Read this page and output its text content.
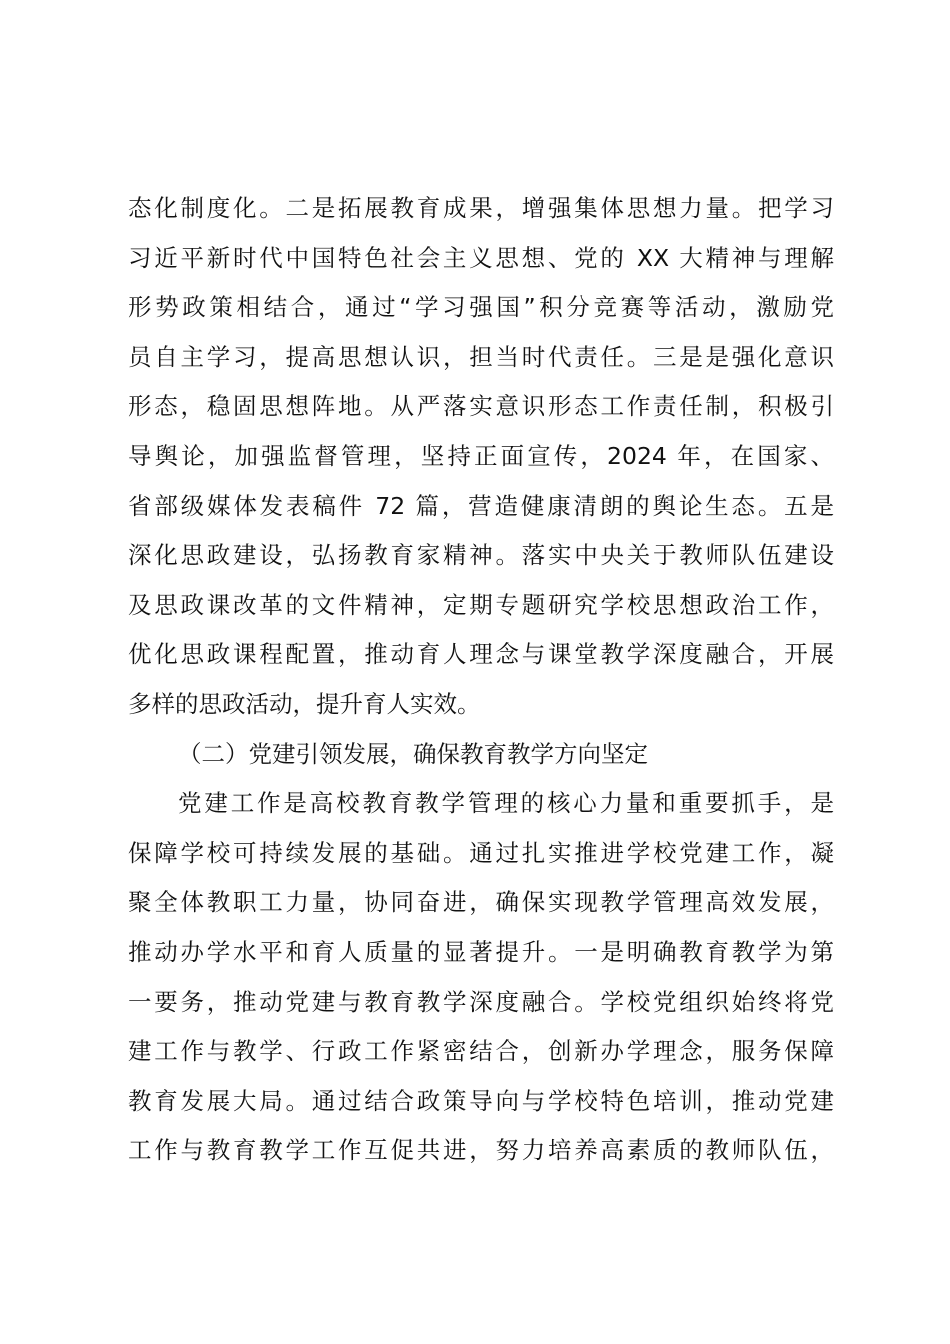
态化制度化。二是拓展教育成果，增强集体思想力量。把学习
习近平新时代中国特色社会主义思想、党的 XX 大精神与理解
形势政策相结合，通过“学习强国”积分竞赛等活动，激励党
员自主学习，提高思想认识，担当时代责任。三是是强化意识
形态，稳固思想阵地。从严落实意识形态工作责任制，积极引
导舆论，加强监督管理，坚持正面宣传，2024 年，在国家、
省部级媒体发表稿件 72 篇，营造健康清朗的舆论生态。五是
深化思政建设，弘扬教育家精神。落实中央关于教师队伍建设
及思政课改革的文件精神，定期专题研究学校思想政治工作，
优化思政课程配置，推动育人理念与课堂教学深度融合，开展
多样的思政活动，提升育人实效。
（二）党建引领发展，确保教育教学方向坚定
党建工作是高校教育教学管理的核心力量和重要抓手，是
保障学校可持续发展的基础。通过扎实推进学校党建工作，凝
聚全体教职工力量，协同奋进，确保实现教学管理高效发展，
推动办学水平和育人质量的显著提升。一是明确教育教学为第
一要务，推动党建与教育教学深度融合。学校党组织始终将党
建工作与教学、行政工作紧密结合，创新办学理念，服务保障
教育发展大局。通过结合政策导向与学校特色培训，推动党建
工作与教育教学工作互促共进，努力培养高素质的教师队伍，
